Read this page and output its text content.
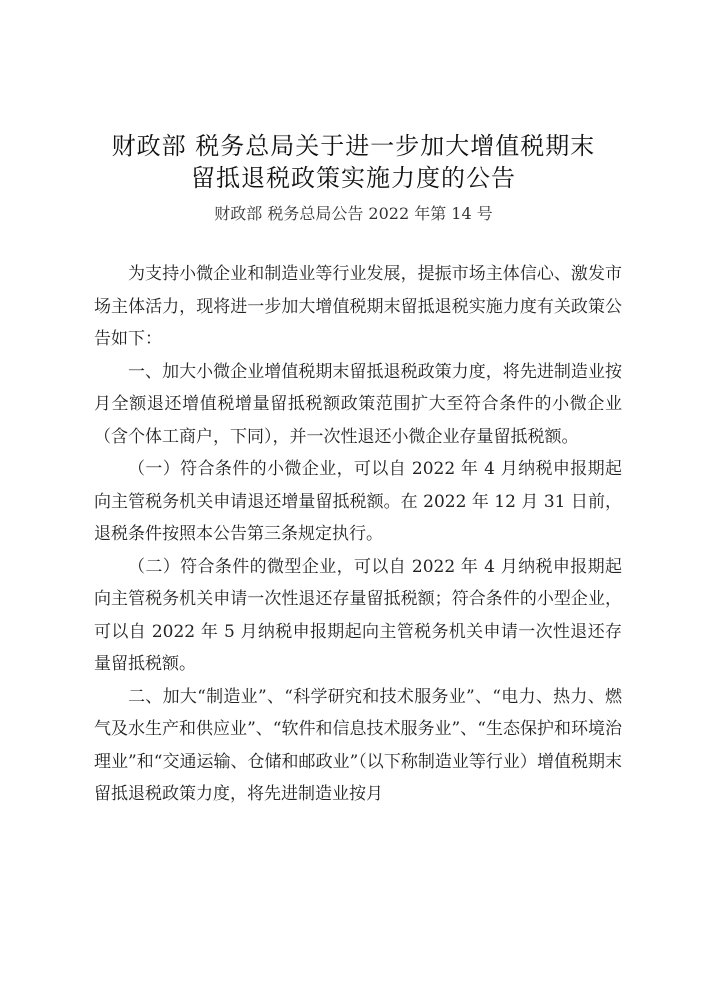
财政部 税务总局关于进一步加大增值税期末
留抵退税政策实施力度的公告
财政部 税务总局公告 2022 年第 14 号

为支持小微企业和制造业等行业发展，提振市场主体信心、激发市场主体活力，现将进一步加大增值税期末留抵退税实施力度有关政策公告如下：

一、加大小微企业增值税期末留抵退税政策力度，将先进制造业按月全额退还增值税增量留抵税额政策范围扩大至符合条件的小微企业（含个体工商户，下同），并一次性退还小微企业存量留抵税额。

（一）符合条件的小微企业，可以自 2022 年 4 月纳税申报期起向主管税务机关申请退还增量留抵税额。在 2022 年 12 月 31 日前，退税条件按照本公告第三条规定执行。

（二）符合条件的微型企业，可以自 2022 年 4 月纳税申报期起向主管税务机关申请一次性退还存量留抵税额；符合条件的小型企业，可以自 2022 年 5 月纳税申报期起向主管税务机关申请一次性退还存量留抵税额。

二、加大“制造业”、“科学研究和技术服务业”、“电力、热力、燃气及水生产和供应业”、“软件和信息技术服务业”、“生态保护和环境治理业”和“交通运输、仓储和邮政业”（以下称制造业等行业）增值税期末留抵退税政策力度，将先进制造业按月
